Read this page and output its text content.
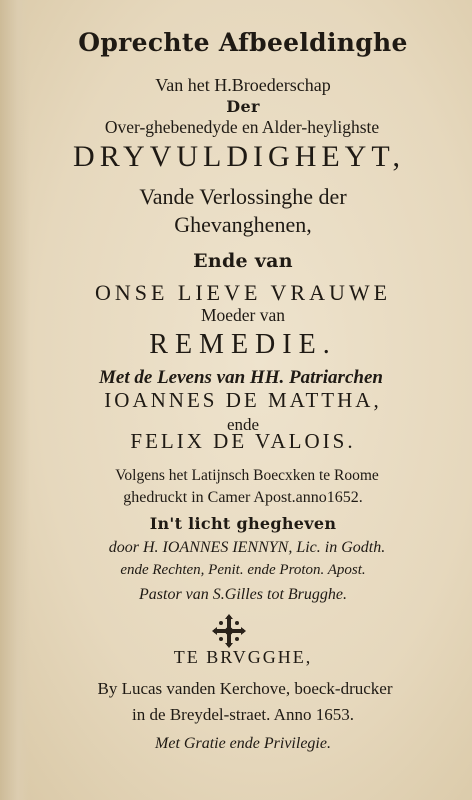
Oprechte Afbeeldinghe
Van het H.Broederschap
Der
Over-ghebenedyde en Alder-heylighste
DRYVULDIGHEYT,
Vande Verlossinghe der
Ghevanghenen,
Ende van
ONSE LIEVE VRAUWE
Moeder van
REMEDIE.
Met de Levens van HH. Patriarchen
IOANNES DE MATTHA,
ende
FELIX DE VALOIS.
Volgens het Latijnsch Boecxken te Roome
ghedruckt in Camer Apost.anno1652.
In't licht ghegheven
door H. IOANNES IENNYN, Lic. in Godth.
ende Rechten, Penit. ende Proton. Apost.
Pastor van S.Gilles tot Brugghe.
TE BRVGGHE,
By Lucas vanden Kerchove, boeck-drucker
in de Breydel-straet. Anno 1653.
Met Gratie ende Privilegie.
